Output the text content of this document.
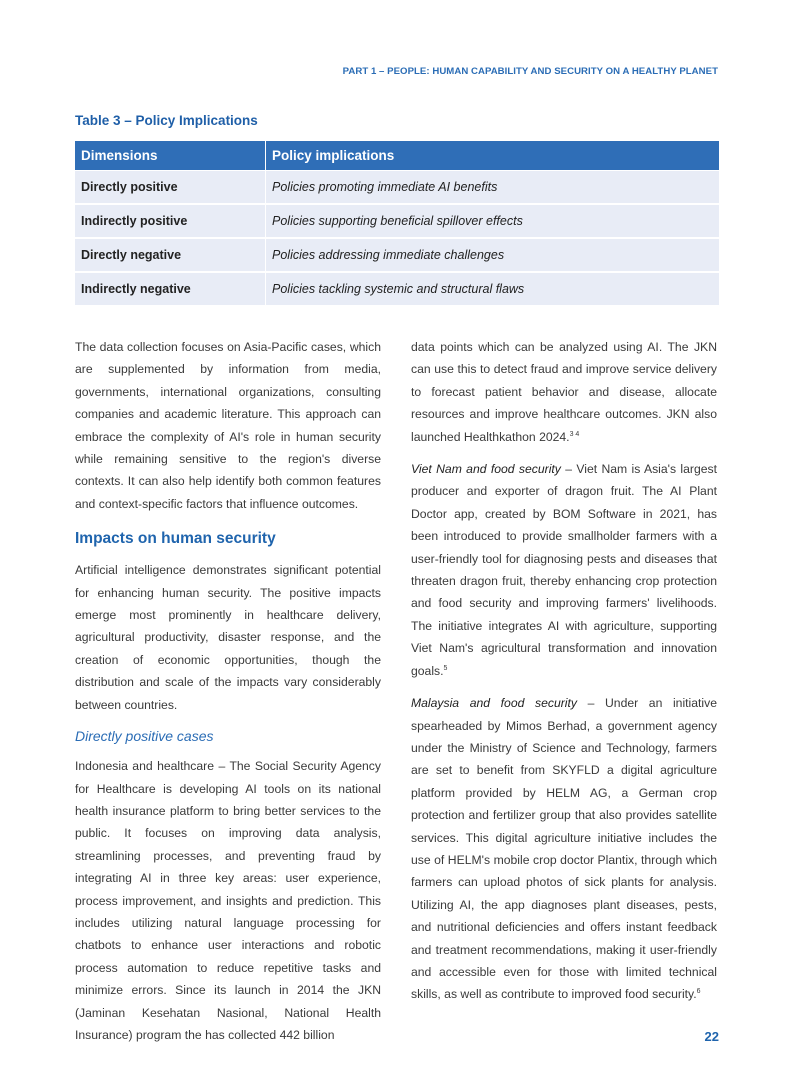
PART 1 – PEOPLE: HUMAN CAPABILITY AND SECURITY ON A HEALTHY PLANET
Table 3 – Policy Implications
Dimensions	Policy implications
Directly positive	Policies promoting immediate AI benefits
Indirectly positive	Policies supporting beneficial spillover effects
Directly negative	Policies addressing immediate challenges
Indirectly negative	Policies tackling systemic and structural flaws

The data collection focuses on Asia-Pacific cases, which are supplemented by information from media, governments, international organizations, consulting companies and academic literature. This approach can embrace the complexity of AI's role in human security while remaining sensitive to the region's diverse contexts. It can also help identify both common features and context-specific factors that influence outcomes.

Impacts on human security

Artificial intelligence demonstrates significant potential for enhancing human security. The positive impacts emerge most prominently in healthcare delivery, agricultural productivity, disaster response, and the creation of economic opportunities, though the distribution and scale of the impacts vary considerably between countries.

Directly positive cases

Indonesia and healthcare – The Social Security Agency for Healthcare is developing AI tools on its national health insurance platform to bring better services to the public. It focuses on improving data analysis, streamlining processes, and preventing fraud by integrating AI in three key areas: user experience, process improvement, and insights and prediction. This includes utilizing natural language processing for chatbots to enhance user interactions and robotic process automation to reduce repetitive tasks and minimize errors. Since its launch in 2014 the JKN (Jaminan Kesehatan Nasional, National Health Insurance) program the has collected 442 billion

data points which can be analyzed using AI. The JKN can use this to detect fraud and improve service delivery to forecast patient behavior and disease, allocate resources and improve healthcare outcomes. JKN also launched Healthkathon 2024.$^{3 4}$

Viet Nam and food security – Viet Nam is Asia's largest producer and exporter of dragon fruit. The AI Plant Doctor app, created by BOM Software in 2021, has been introduced to provide smallholder farmers with a user-friendly tool for diagnosing pests and diseases that threaten dragon fruit, thereby enhancing crop protection and food security and improving farmers' livelihoods. The initiative integrates AI with agriculture, supporting Viet Nam's agricultural transformation and innovation goals.$^5$

Malaysia and food security – Under an initiative spearheaded by Mimos Berhad, a government agency under the Ministry of Science and Technology, farmers are set to benefit from SKYFLD a digital agriculture platform provided by HELM AG, a German crop protection and fertilizer group that also provides satellite services. This digital agriculture initiative includes the use of HELM's mobile crop doctor Plantix, through which farmers can upload photos of sick plants for analysis. Utilizing AI, the app diagnoses plant diseases, pests, and nutritional deficiencies and offers instant feedback and treatment recommendations, making it user-friendly and accessible even for those with limited technical skills, as well as contribute to improved food security.$^6$

22
